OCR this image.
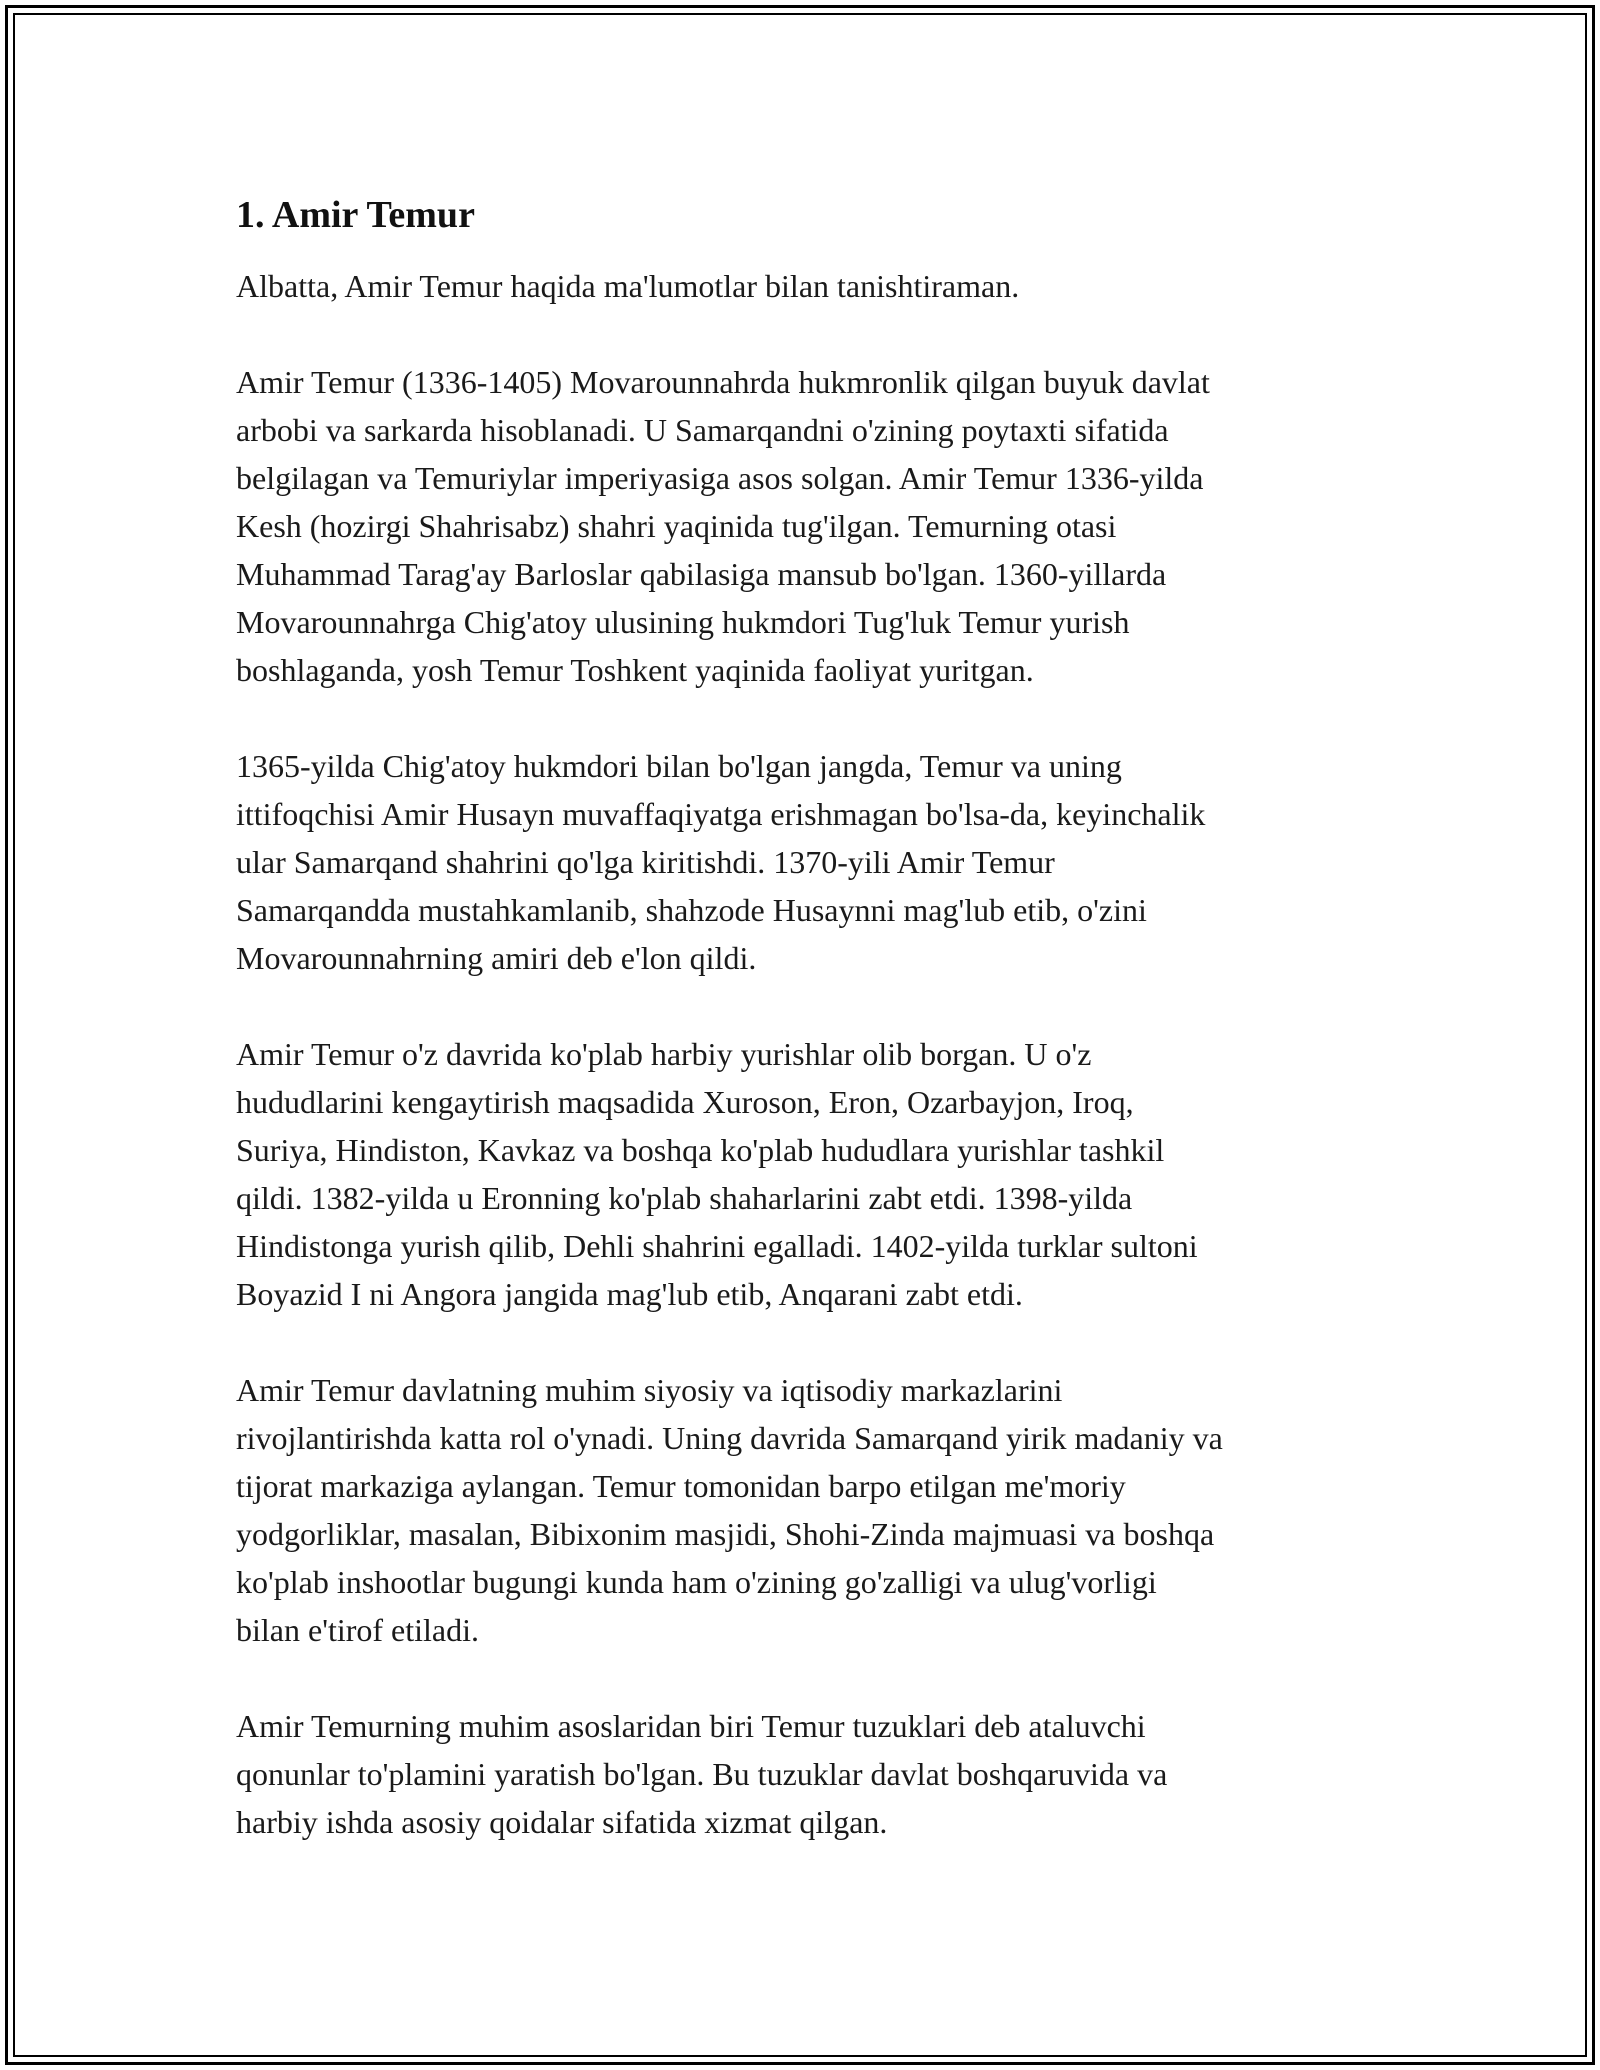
1. Amir Temur

Albatta, Amir Temur haqida ma'lumotlar bilan tanishtiraman.

Amir Temur (1336-1405) Movarounnahrda hukmronlik qilgan buyuk davlat
arbobi va sarkarda hisoblanadi. U Samarqandni o'zining poytaxti sifatida
belgilagan va Temuriylar imperiyasiga asos solgan. Amir Temur 1336-yilda
Kesh (hozirgi Shahrisabz) shahri yaqinida tug'ilgan. Temurning otasi
Muhammad Tarag'ay Barloslar qabilasiga mansub bo'lgan. 1360-yillarda
Movarounnahrga Chig'atoy ulusining hukmdori Tug'luk Temur yurish
boshlaganda, yosh Temur Toshkent yaqinida faoliyat yuritgan.

1365-yilda Chig'atoy hukmdori bilan bo'lgan jangda, Temur va uning
ittifoqchisi Amir Husayn muvaffaqiyatga erishmagan bo'lsa-da, keyinchalik
ular Samarqand shahrini qo'lga kiritishdi. 1370-yili Amir Temur
Samarqandda mustahkamlanib, shahzode Husaynni mag'lub etib, o'zini
Movarounnahrning amiri deb e'lon qildi.

Amir Temur o'z davrida ko'plab harbiy yurishlar olib borgan. U o'z
hududlarini kengaytirish maqsadida Xuroson, Eron, Ozarbayjon, Iroq,
Suriya, Hindiston, Kavkaz va boshqa ko'plab hududlara yurishlar tashkil
qildi. 1382-yilda u Eronning ko'plab shaharlarini zabt etdi. 1398-yilda
Hindistonga yurish qilib, Dehli shahrini egalladi. 1402-yilda turklar sultoni
Boyazid I ni Angora jangida mag'lub etib, Anqarani zabt etdi.

Amir Temur davlatning muhim siyosiy va iqtisodiy markazlarini
rivojlantirishda katta rol o'ynadi. Uning davrida Samarqand yirik madaniy va
tijorat markaziga aylangan. Temur tomonidan barpo etilgan me'moriy
yodgorliklar, masalan, Bibixonim masjidi, Shohi-Zinda majmuasi va boshqa
ko'plab inshootlar bugungi kunda ham o'zining go'zalligi va ulug'vorligi
bilan e'tirof etiladi.

Amir Temurning muhim asoslaridan biri Temur tuzuklari deb ataluvchi
qonunlar to'plamini yaratish bo'lgan. Bu tuzuklar davlat boshqaruvida va
harbiy ishda asosiy qoidalar sifatida xizmat qilgan.
